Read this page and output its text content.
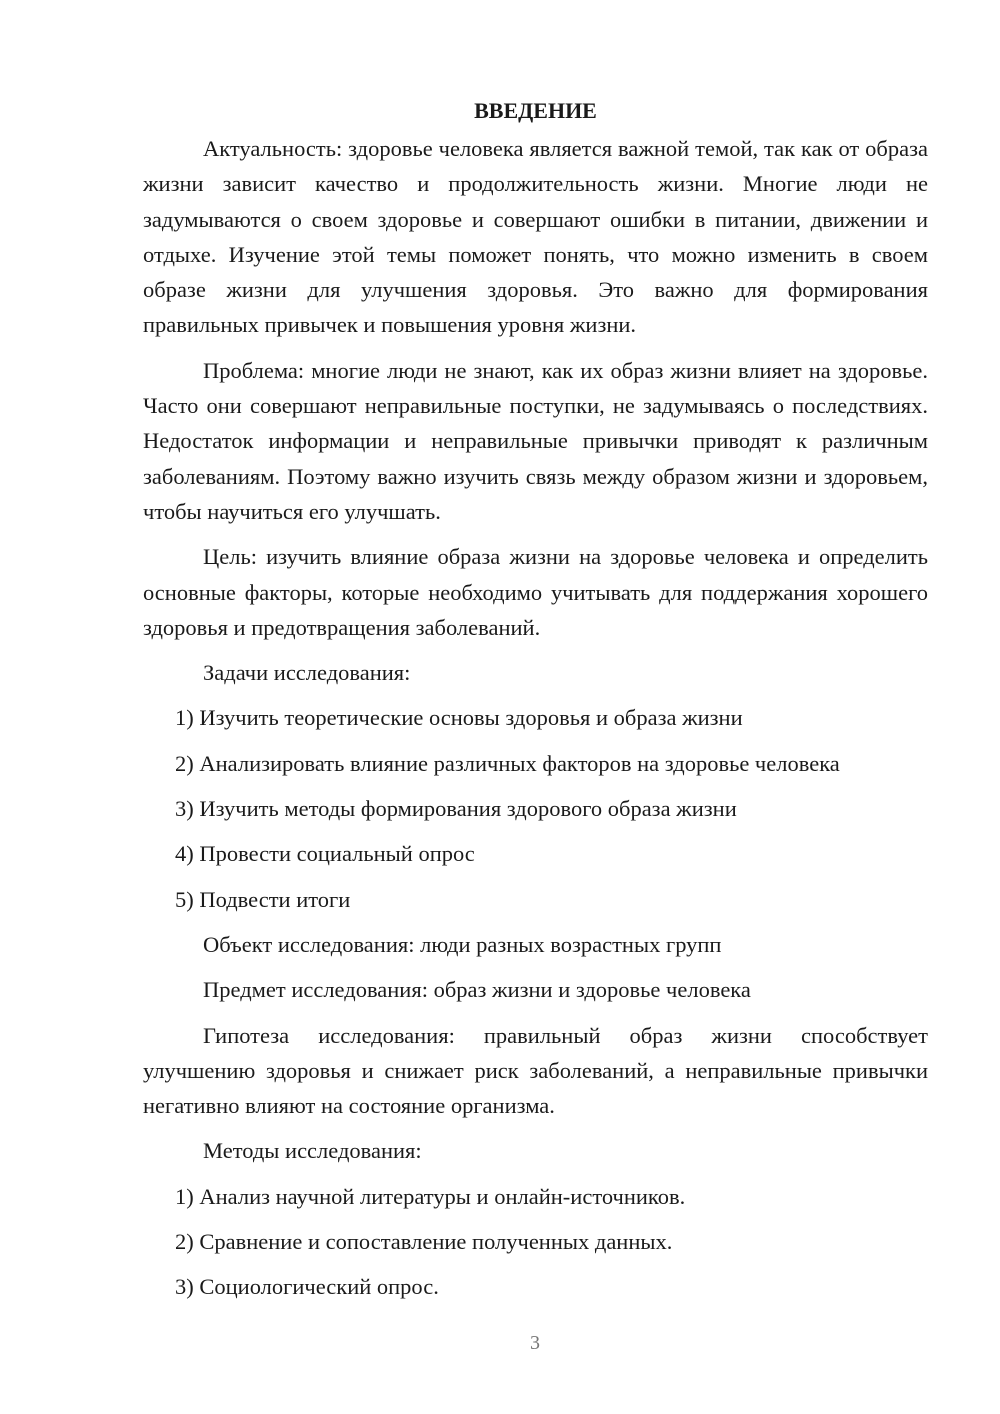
ВВЕДЕНИЕ

Актуальность: здоровье человека является важной темой, так как от образа жизни зависит качество и продолжительность жизни. Многие люди не задумываются о своем здоровье и совершают ошибки в питании, движении и отдыхе. Изучение этой темы поможет понять, что можно изменить в своем образе жизни для улучшения здоровья. Это важно для формирования правильных привычек и повышения уровня жизни.

Проблема: многие люди не знают, как их образ жизни влияет на здоровье. Часто они совершают неправильные поступки, не задумываясь о последствиях. Недостаток информации и неправильные привычки приводят к различным заболеваниям. Поэтому важно изучить связь между образом жизни и здоровьем, чтобы научиться его улучшать.

Цель: изучить влияние образа жизни на здоровье человека и определить основные факторы, которые необходимо учитывать для поддержания хорошего здоровья и предотвращения заболеваний.

Задачи исследования:
1) Изучить теоретические основы здоровья и образа жизни
2) Анализировать влияние различных факторов на здоровье человека
3) Изучить методы формирования здорового образа жизни
4) Провести социальный опрос
5) Подвести итоги
Объект исследования: люди разных возрастных групп
Предмет исследования: образ жизни и здоровье человека

Гипотеза исследования: правильный образ жизни способствует улучшению здоровья и снижает риск заболеваний, а неправильные привычки негативно влияют на состояние организма.

Методы исследования:
1) Анализ научной литературы и онлайн-источников.
2) Сравнение и сопоставление полученных данных.
3) Социологический опрос.
3
